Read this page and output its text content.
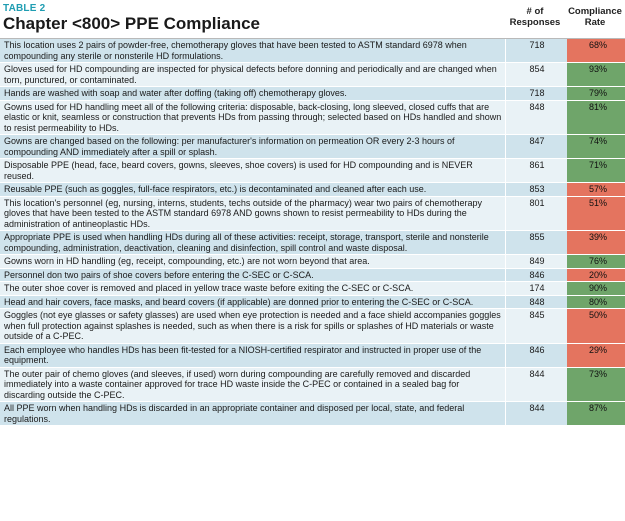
TABLE 2
Chapter <800> PPE Compliance
# of Responses
Compliance Rate
This location uses 2 pairs of powder-free, chemotherapy gloves that have been tested to ASTM standard 6978 when compounding any sterile or nonsterile HD formulations.	718	68%
Gloves used for HD compounding are inspected for physical defects before donning and periodically and are changed when torn, punctured, or contaminated.	854	93%
Hands are washed with soap and water after doffing (taking off) chemotherapy gloves.	718	79%
Gowns used for HD handling meet all of the following criteria: disposable, back-closing, long sleeved, closed cuffs that are elastic or knit, seamless or construction that prevents HDs from passing through; selected based on HDs handled and shown to resist permeability to HDs.	848	81%
Gowns are changed based on the following: per manufacturer's information on permeation OR every 2-3 hours of compounding AND immediately after a spill or splash.	847	74%
Disposable PPE (head, face, beard covers, gowns, sleeves, shoe covers) is used for HD compounding and is NEVER reused.	861	71%
Reusable PPE (such as goggles, full-face respirators, etc.) is decontaminated and cleaned after each use.	853	57%
This location's personnel (eg, nursing, interns, students, techs outside of the pharmacy) wear two pairs of chemotherapy gloves that have been tested to the ASTM standard 6978 AND gowns shown to resist permeability to HDs during the administration of antineoplastic HDs.	801	51%
Appropriate PPE is used when handling HDs during all of these activities: receipt, storage, transport, sterile and nonsterile compounding, administration, deactivation, cleaning and disinfection, spill control and waste disposal.	855	39%
Gowns worn in HD handling (eg, receipt, compounding, etc.) are not worn beyond that area.	849	76%
Personnel don two pairs of shoe covers before entering the C-SEC or C-SCA.	846	20%
The outer shoe cover is removed and placed in yellow trace waste before exiting the C-SEC or C-SCA.	174	90%
Head and hair covers, face masks, and beard covers (if applicable) are donned prior to entering the C-SEC or C-SCA.	848	80%
Goggles (not eye glasses or safety glasses) are used when eye protection is needed and a face shield accompanies goggles when full protection against splashes is needed, such as when there is a risk for spills or splashes of HD materials or waste outside of a C-PEC.	845	50%
Each employee who handles HDs has been fit-tested for a NIOSH-certified respirator and instructed in proper use of the equipment.	846	29%
The outer pair of chemo gloves (and sleeves, if used) worn during compounding are carefully removed and discarded immediately into a waste container approved for trace HD waste inside the C-PEC or contained in a sealed bag for discarding outside the C-PEC.	844	73%
All PPE worn when handling HDs is discarded in an appropriate container and disposed per local, state, and federal regulations.	844	87%
